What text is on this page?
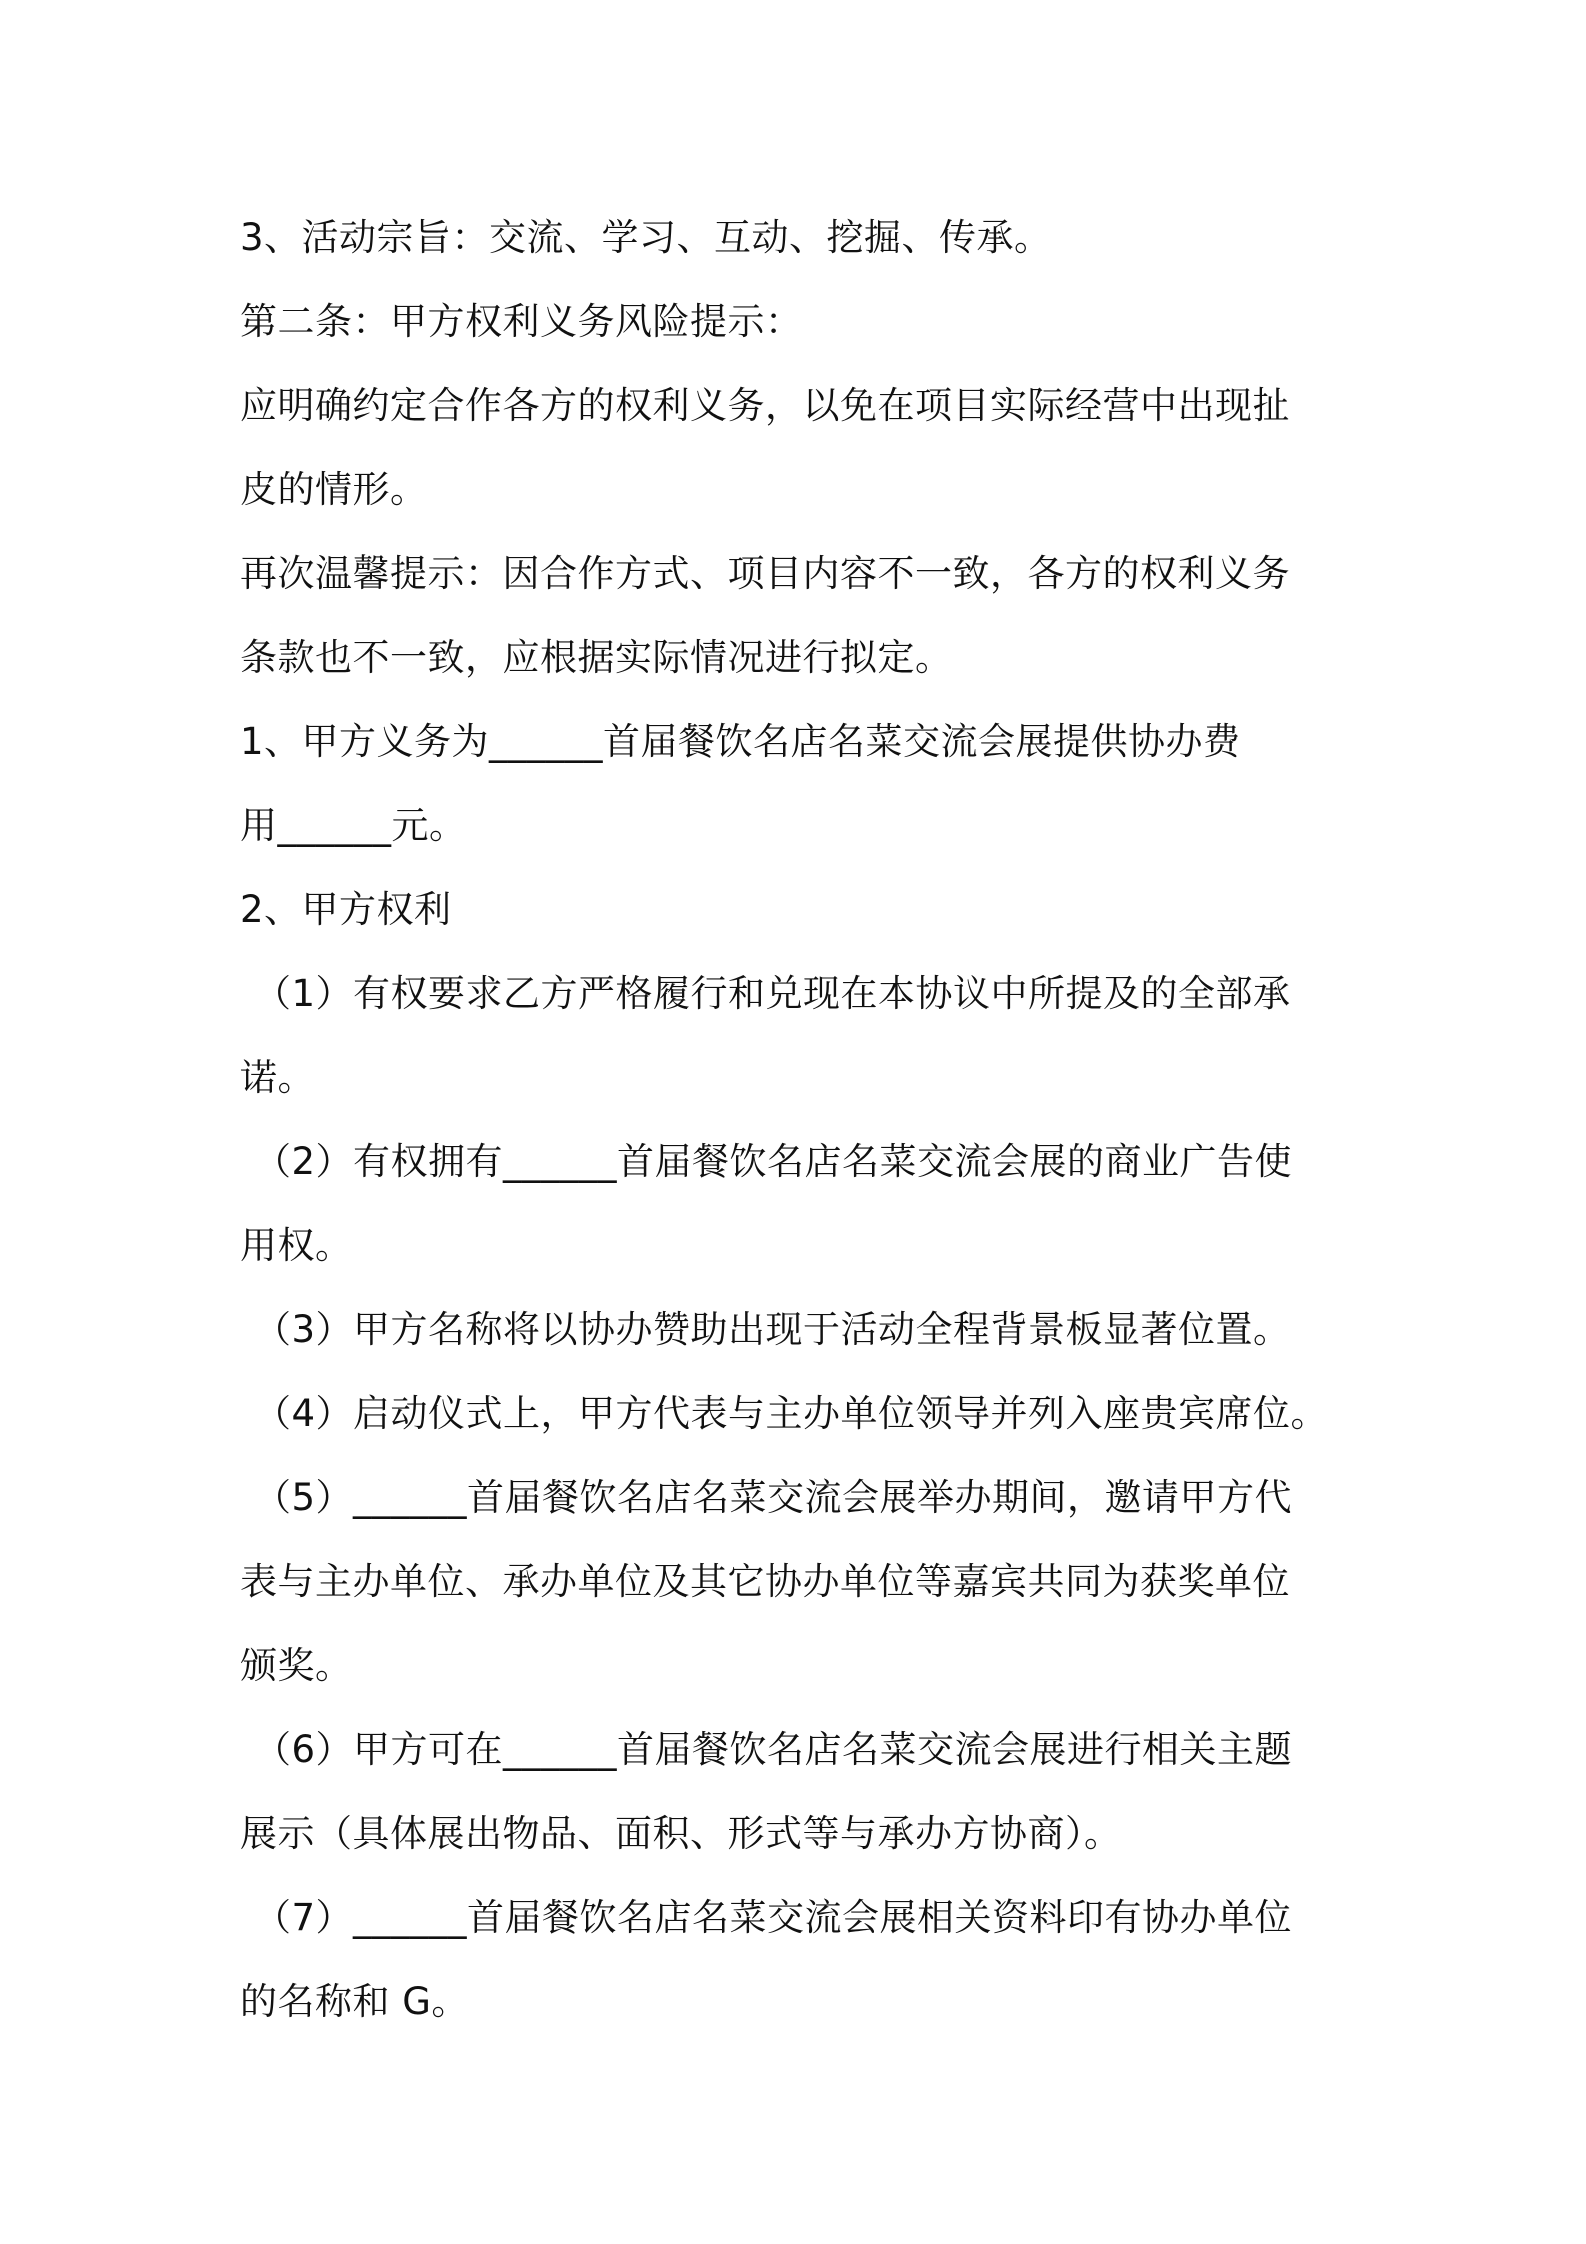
3、活动宗旨：交流、学习、互动、挖掘、传承。
第二条：甲方权利义务风险提示：
应明确约定合作各方的权利义务，以免在项目实际经营中出现扯
皮的情形。
再次温馨提示：因合作方式、项目内容不一致，各方的权利义务
条款也不一致，应根据实际情况进行拟定。
1、甲方义务为______首届餐饮名店名菜交流会展提供协办费
用______元。
2、甲方权利
（1）有权要求乙方严格履行和兑现在本协议中所提及的全部承
诺。
（2）有权拥有______首届餐饮名店名菜交流会展的商业广告使
用权。
（3）甲方名称将以协办赞助出现于活动全程背景板显著位置。
（4）启动仪式上，甲方代表与主办单位领导并列入座贵宾席位。
（5）______首届餐饮名店名菜交流会展举办期间，邀请甲方代
表与主办单位、承办单位及其它协办单位等嘉宾共同为获奖单位
颁奖。
（6）甲方可在______首届餐饮名店名菜交流会展进行相关主题
展示（具体展出物品、面积、形式等与承办方协商）。
（7）______首届餐饮名店名菜交流会展相关资料印有协办单位
的名称和 G。
